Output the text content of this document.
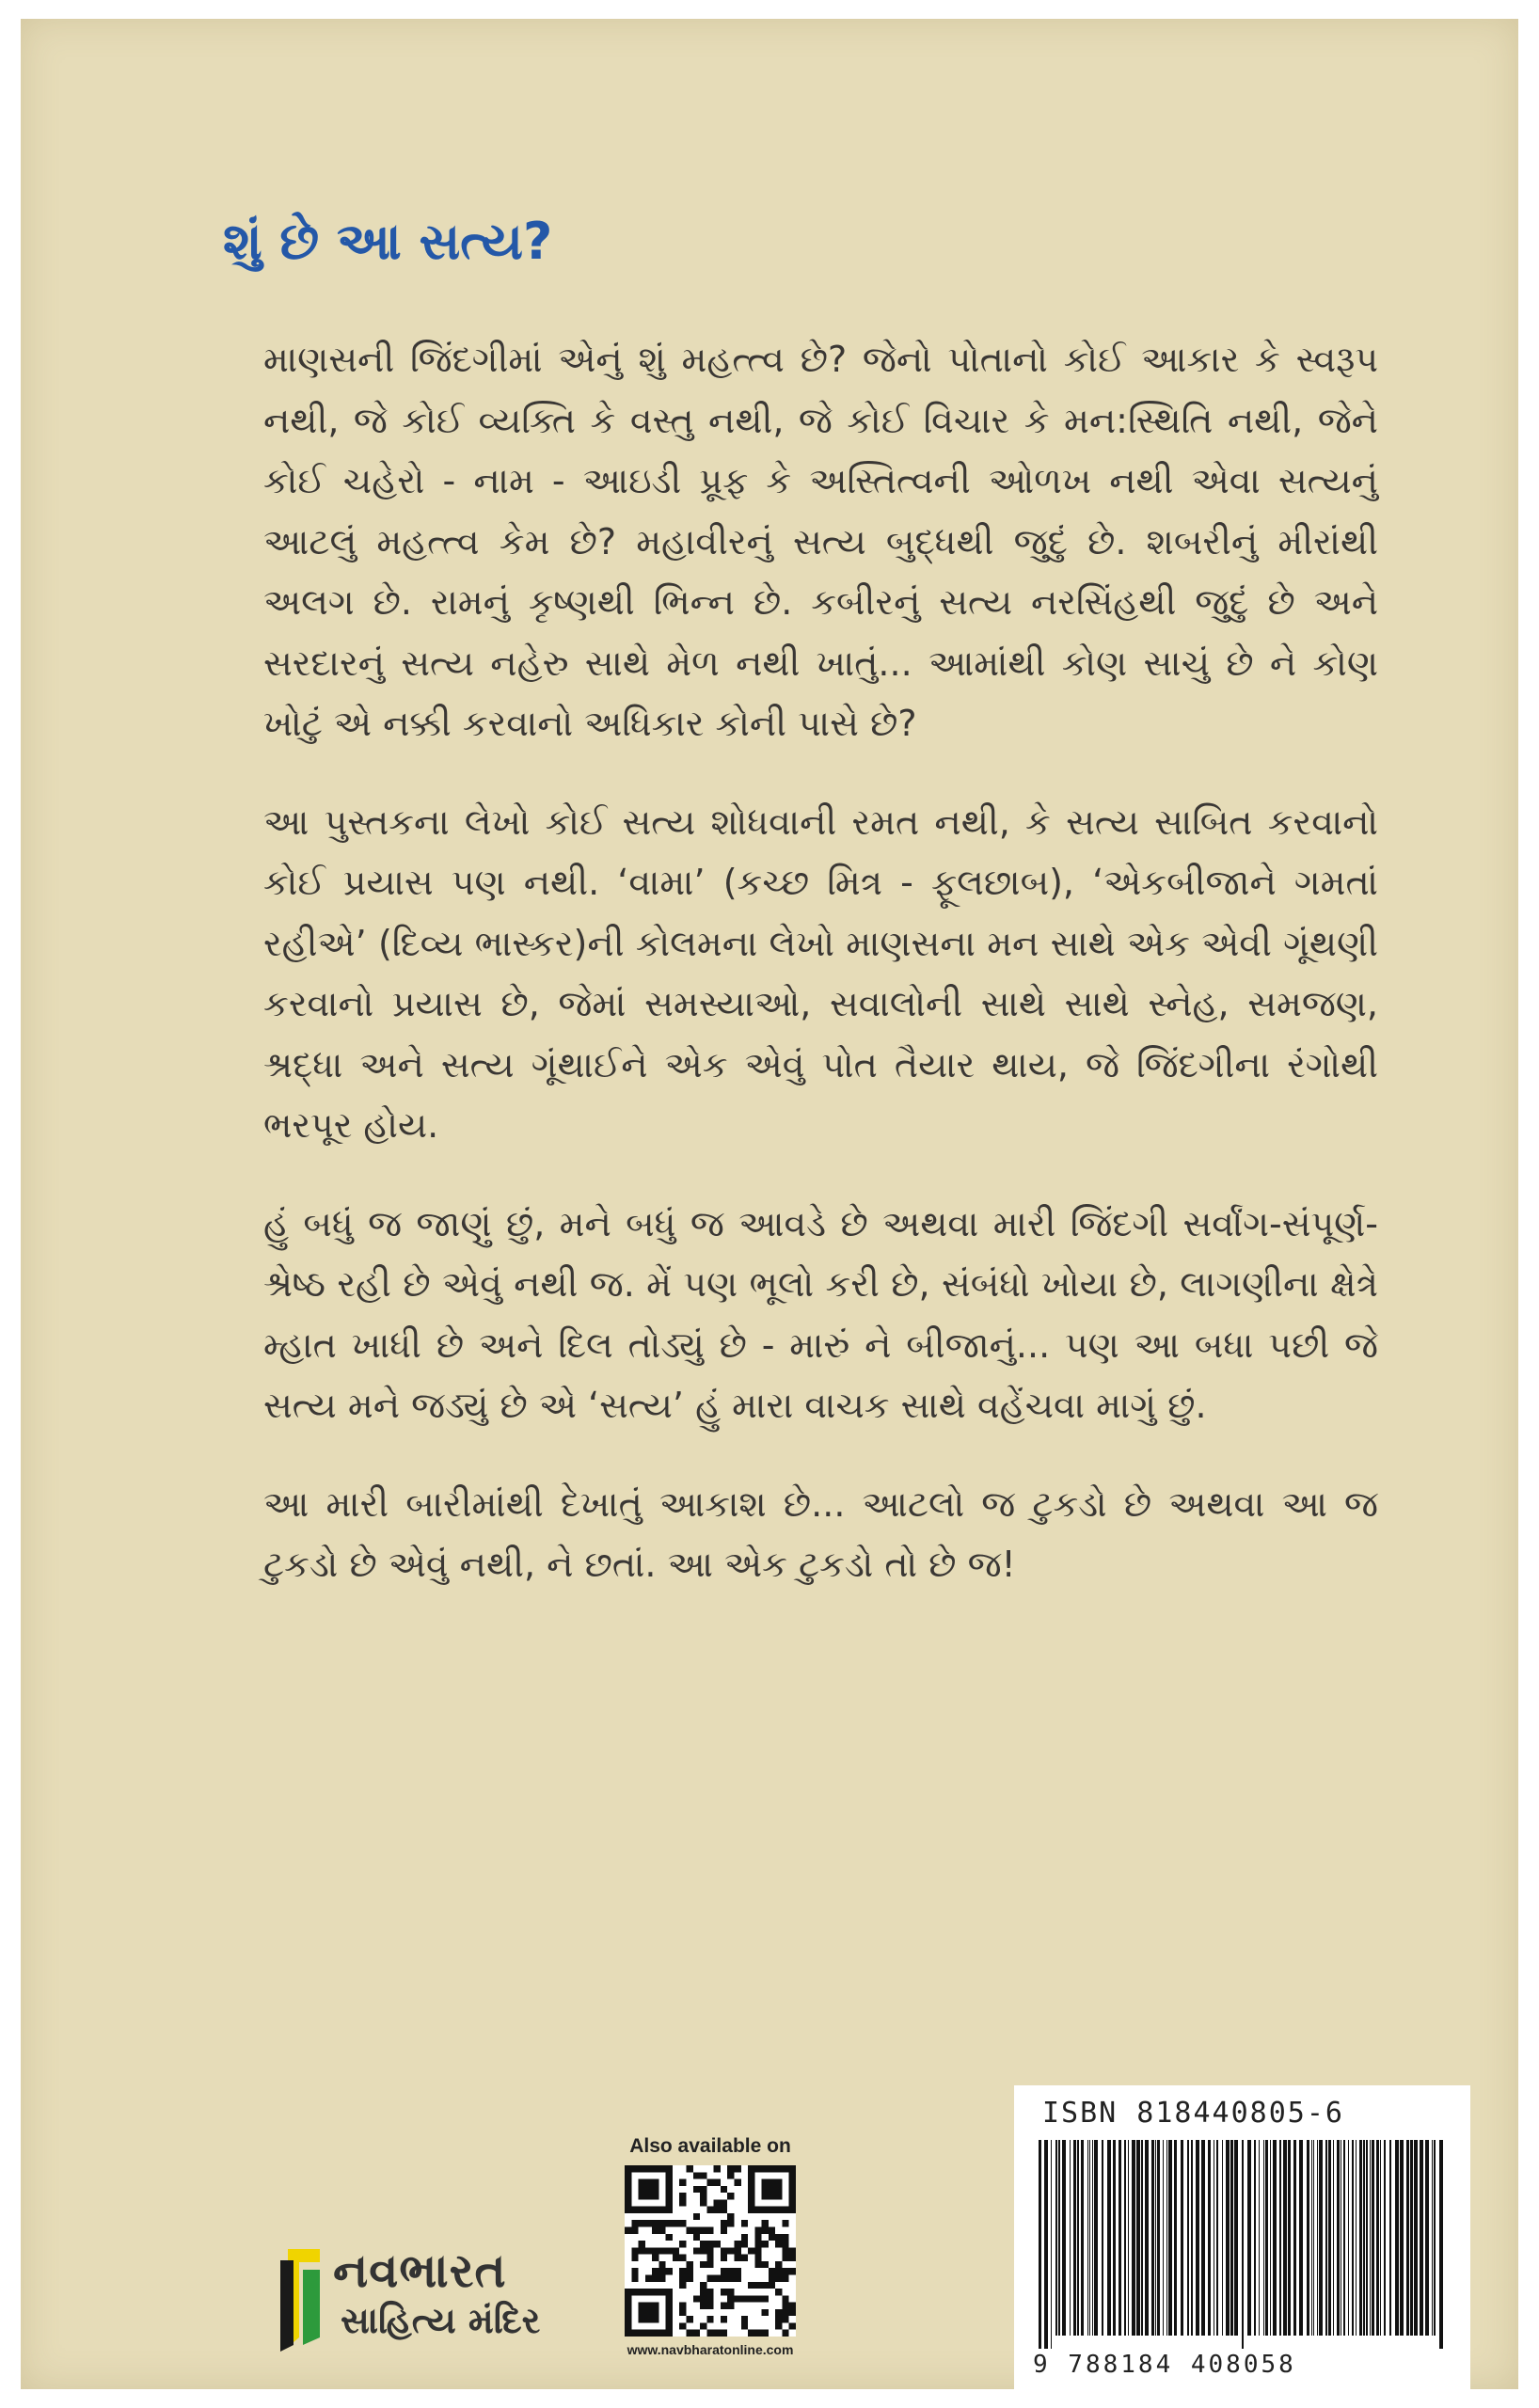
શું છે આ સત્ય?

માણસની જિંદગીમાં એનું શું મહત્ત્વ છે? જેનો પોતાનો કોઈ આકાર કે સ્વરૂપ નથી, જે કોઈ વ્યક્તિ કે વસ્તુ નથી, જે કોઈ વિચાર કે મન:સ્થિતિ નથી, જેને કોઈ ચહેરો - નામ - આઇડી પ્રૂફ કે અસ્તિત્વની ઓળખ નથી એવા સત્યનું આટલું મહત્ત્વ કેમ છે? મહાવીરનું સત્ય બુદ્ધથી જુદું છે. શબરીનું મીરાંથી અલગ છે. રામનું કૃષ્ણથી ભિન્ન છે. કબીરનું સત્ય નરસિંહથી જુદું છે અને સરદારનું સત્ય નહેરુ સાથે મેળ નથી ખાતું... આમાંથી કોણ સાચું છે ને કોણ ખોટું એ નક્કી કરવાનો અધિકાર કોની પાસે છે?

આ પુસ્તકના લેખો કોઈ સત્ય શોધવાની રમત નથી, કે સત્ય સાબિત કરવાનો કોઈ પ્રયાસ પણ નથી. ‘વામા’ (કચ્છ મિત્ર - ફૂલછાબ), ‘એકબીજાને ગમતાં રહીએ’ (દિવ્ય ભાસ્કર)ની કોલમના લેખો માણસના મન સાથે એક એવી ગૂંથણી કરવાનો પ્રયાસ છે, જેમાં સમસ્યાઓ, સવાલોની સાથે સાથે સ્નેહ, સમજણ, શ્રદ્ધા અને સત્ય ગૂંથાઈને એક એવું પોત તૈયાર થાય, જે જિંદગીના રંગોથી ભરપૂર હોય.

હું બધું જ જાણું છું, મને બધું જ આવડે છે અથવા મારી જિંદગી સર્વાંગ-સંપૂર્ણ-શ્રેષ્ઠ રહી છે એવું નથી જ. મેં પણ ભૂલો કરી છે, સંબંધો ખોયા છે, લાગણીના ક્ષેત્રે મ્હાત ખાધી છે અને દિલ તોડ્યું છે - મારું ને બીજાનું... પણ આ બધા પછી જે સત્ય મને જડ્યું છે એ ‘સત્ય’ હું મારા વાચક સાથે વહેંચવા માગું છું.

આ મારી બારીમાંથી દેખાતું આકાશ છે... આટલો જ ટુકડો છે અથવા આ જ ટુકડો છે એવું નથી, ને છતાં. આ એક ટુકડો તો છે જ!

નવભારત
સાહિત્ય મંદિર
Also available on
www.navbharatonline.com
ISBN 818440805-6
9 788184 408058
